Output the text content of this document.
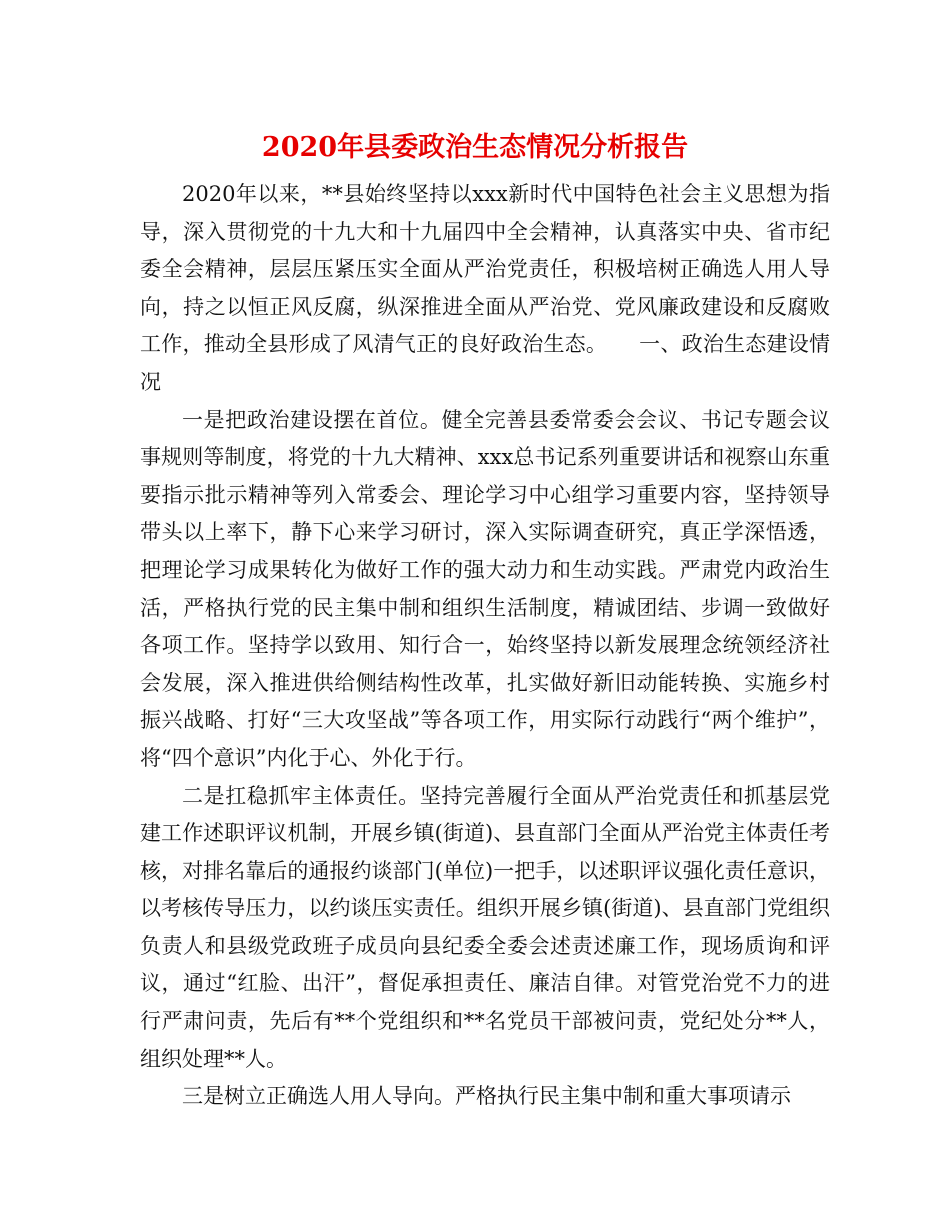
2020年县委政治生态情况分析报告

2020年以来，**县始终坚持以xxx新时代中国特色社会主义思想为指导，深入贯彻党的十九大和十九届四中全会精神，认真落实中央、省市纪委全会精神，层层压紧压实全面从严治党责任，积极培树正确选人用人导向，持之以恒正风反腐，纵深推进全面从严治党、党风廉政建设和反腐败工作，推动全县形成了风清气正的良好政治生态。　　一、政治生态建设情况

一是把政治建设摆在首位。健全完善县委常委会会议、书记专题会议事规则等制度，将党的十九大精神、xxx总书记系列重要讲话和视察山东重要指示批示精神等列入常委会、理论学习中心组学习重要内容，坚持领导带头以上率下，静下心来学习研讨，深入实际调查研究，真正学深悟透，把理论学习成果转化为做好工作的强大动力和生动实践。严肃党内政治生活，严格执行党的民主集中制和组织生活制度，精诚团结、步调一致做好各项工作。坚持学以致用、知行合一，始终坚持以新发展理念统领经济社会发展，深入推进供给侧结构性改革，扎实做好新旧动能转换、实施乡村振兴战略、打好“三大攻坚战”等各项工作，用实际行动践行“两个维护”，将“四个意识”内化于心、外化于行。

二是扛稳抓牢主体责任。坚持完善履行全面从严治党责任和抓基层党建工作述职评议机制，开展乡镇(街道)、县直部门全面从严治党主体责任考核，对排名靠后的通报约谈部门(单位)一把手，以述职评议强化责任意识，以考核传导压力，以约谈压实责任。组织开展乡镇(街道)、县直部门党组织负责人和县级党政班子成员向县纪委全委会述责述廉工作，现场质询和评议，通过“红脸、出汗”，督促承担责任、廉洁自律。对管党治党不力的进行严肃问责，先后有**个党组织和**名党员干部被问责，党纪处分**人，组织处理**人。

三是树立正确选人用人导向。严格执行民主集中制和重大事项请示
